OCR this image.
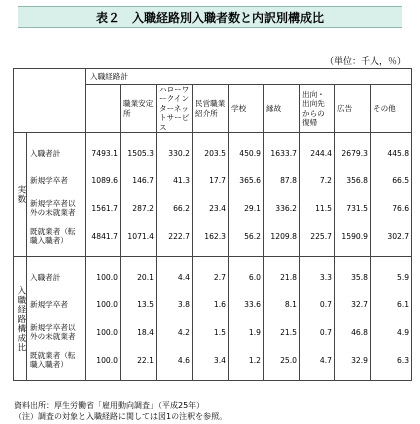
表２　入職経路別入職者数と内訳別構成比
（単位：千人，％）
		入職経路計								
			職業安定所	ハローワークインターネットサービス	民営職業紹介所	学校	縁故	出向・出向先からの復帰	広告	その他
実数										
	入職者計	7493.1	1505.3	330.2	203.5	450.9	1633.7	244.4	2679.3	445.8
	新規学卒者	1089.6	146.7	41.3	17.7	365.6	87.8	7.2	356.8	66.5
	新規学卒者以外の未就業者	1561.7	287.2	66.2	23.4	29.1	336.2	11.5	731.5	76.6
	既就業者（転職入職者）	4841.7	1071.4	222.7	162.3	56.2	1209.8	225.7	1590.9	302.7

入職経路構成比										
	入職者計	100.0	20.1	4.4	2.7	6.0	21.8	3.3	35.8	5.9
	新規学卒者	100.0	13.5	3.8	1.6	33.6	8.1	0.7	32.7	6.1
	新規学卒者以外の未就業者	100.0	18.4	4.2	1.5	1.9	21.5	0.7	46.8	4.9
	既就業者（転職入職者）	100.0	22.1	4.6	3.4	1.2	25.0	4.7	32.9	6.3

資料出所：厚生労働省「雇用動向調査」（平成25年）
（注）調査の対象と入職経路に関しては図1の注釈を参照。
